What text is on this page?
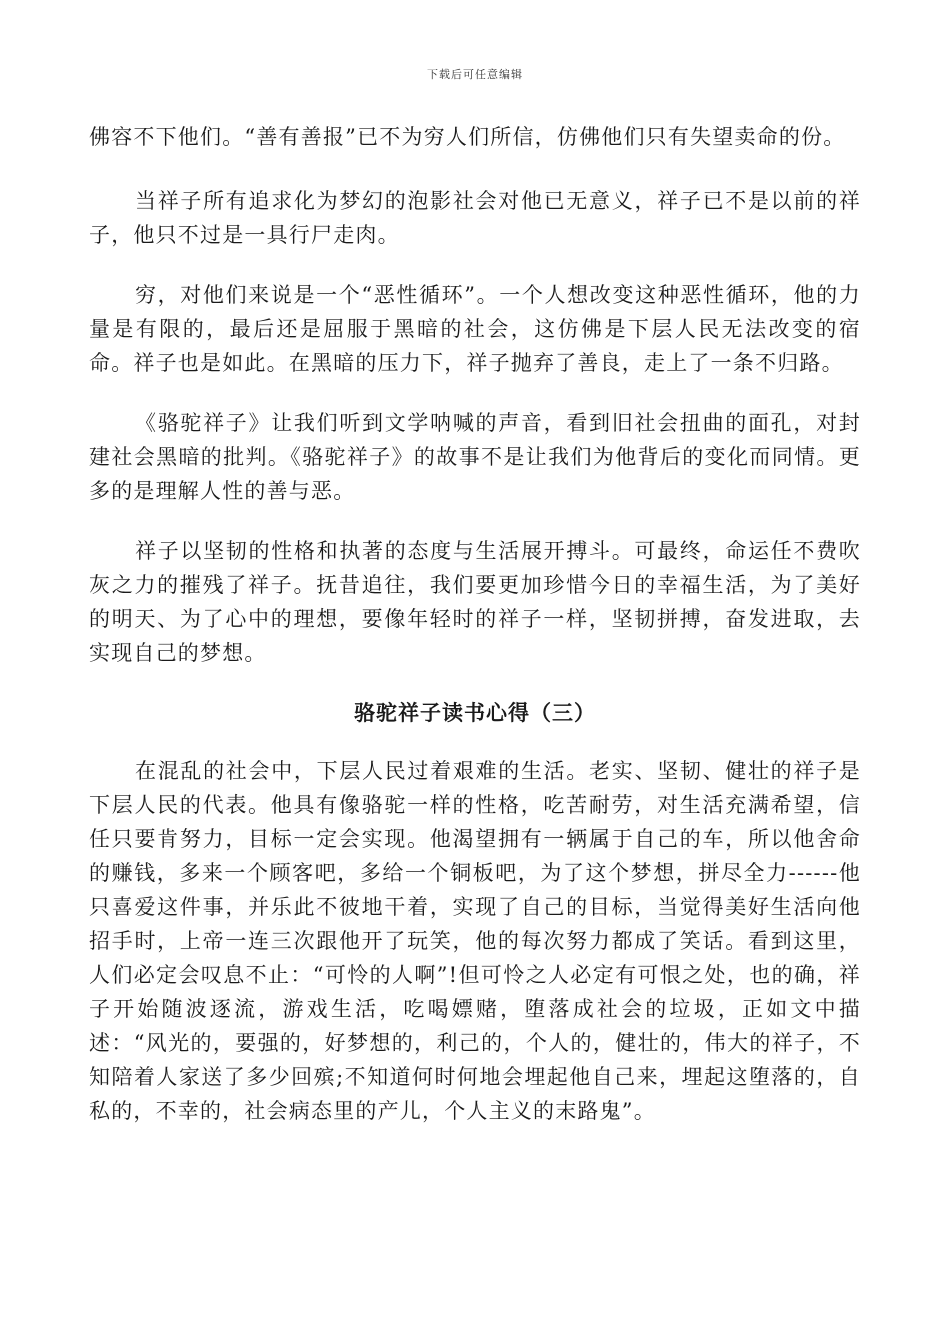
下载后可任意编辑

佛容不下他们。“善有善报”已不为穷人们所信，仿佛他们只有失望卖命的份。

当祥子所有追求化为梦幻的泡影社会对他已无意义，祥子已不是以前的祥子，他只不过是一具行尸走肉。

穷，对他们来说是一个“恶性循环”。一个人想改变这种恶性循环，他的力量是有限的，最后还是屈服于黑暗的社会，这仿佛是下层人民无法改变的宿命。祥子也是如此。在黑暗的压力下，祥子抛弃了善良，走上了一条不归路。

《骆驼祥子》让我们听到文学呐喊的声音，看到旧社会扭曲的面孔，对封建社会黑暗的批判。《骆驼祥子》的故事不是让我们为他背后的变化而同情。更多的是理解人性的善与恶。

祥子以坚韧的性格和执著的态度与生活展开搏斗。可最终，命运任不费吹灰之力的摧残了祥子。抚昔追往，我们要更加珍惜今日的幸福生活，为了美好的明天、为了心中的理想，要像年轻时的祥子一样，坚韧拼搏，奋发进取，去实现自己的梦想。

骆驼祥子读书心得（三）

在混乱的社会中，下层人民过着艰难的生活。老实、坚韧、健壮的祥子是下层人民的代表。他具有像骆驼一样的性格，吃苦耐劳，对生活充满希望，信任只要肯努力，目标一定会实现。他渴望拥有一辆属于自己的车，所以他舍命的赚钱，多来一个顾客吧，多给一个铜板吧，为了这个梦想，拼尽全力------他只喜爱这件事，并乐此不彼地干着，实现了自己的目标，当觉得美好生活向他招手时，上帝一连三次跟他开了玩笑，他的每次努力都成了笑话。看到这里，人们必定会叹息不止：“可怜的人啊”!但可怜之人必定有可恨之处，也的确，祥子开始随波逐流，游戏生活，吃喝嫖赌，堕落成社会的垃圾，正如文中描述：“风光的，要强的，好梦想的，利己的，个人的，健壮的，伟大的祥子，不知陪着人家送了多少回殡;不知道何时何地会埋起他自己来，埋起这堕落的，自私的，不幸的，社会病态里的产儿，个人主义的末路鬼”。
